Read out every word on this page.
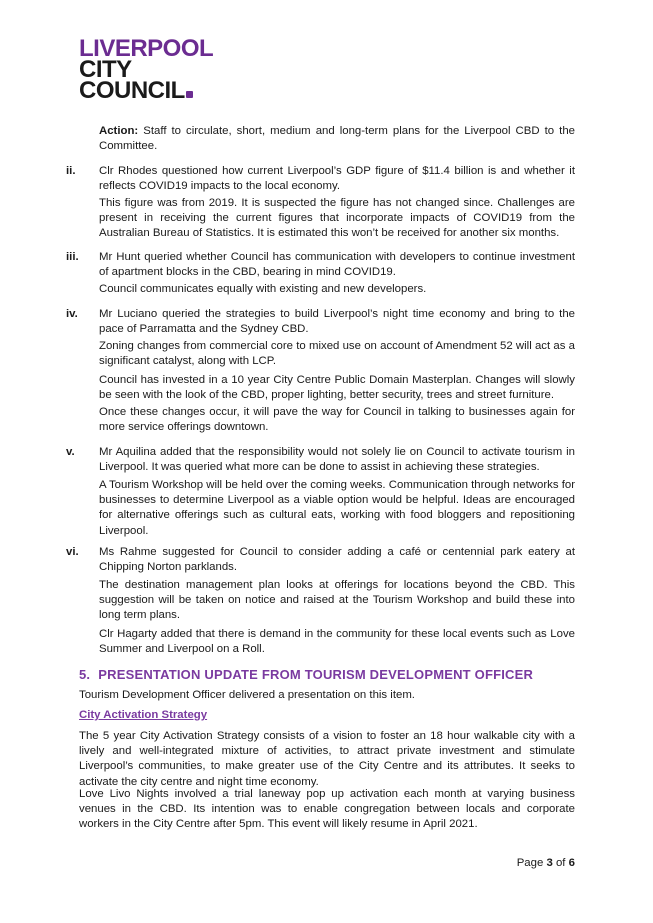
LIVERPOOL
CITY
COUNCIL

Action: Staff to circulate, short, medium and long-term plans for the Liverpool CBD to the Committee.

ii. Clr Rhodes questioned how current Liverpool’s GDP figure of $11.4 billion is and whether it reflects COVID19 impacts to the local economy.

This figure was from 2019. It is suspected the figure has not changed since. Challenges are present in receiving the current figures that incorporate impacts of COVID19 from the Australian Bureau of Statistics. It is estimated this won’t be received for another six months.

iii. Mr Hunt queried whether Council has communication with developers to continue investment of apartment blocks in the CBD, bearing in mind COVID19.

Council communicates equally with existing and new developers.

iv. Mr Luciano queried the strategies to build Liverpool’s night time economy and bring to the pace of Parramatta and the Sydney CBD.

Zoning changes from commercial core to mixed use on account of Amendment 52 will act as a significant catalyst, along with LCP.

Council has invested in a 10 year City Centre Public Domain Masterplan. Changes will slowly be seen with the look of the CBD, proper lighting, better security, trees and street furniture.

Once these changes occur, it will pave the way for Council in talking to businesses again for more service offerings downtown.

v. Mr Aquilina added that the responsibility would not solely lie on Council to activate tourism in Liverpool. It was queried what more can be done to assist in achieving these strategies.

A Tourism Workshop will be held over the coming weeks. Communication through networks for businesses to determine Liverpool as a viable option would be helpful. Ideas are encouraged for alternative offerings such as cultural eats, working with food bloggers and repositioning Liverpool.

vi. Ms Rahme suggested for Council to consider adding a café or centennial park eatery at Chipping Norton parklands.

The destination management plan looks at offerings for locations beyond the CBD. This suggestion will be taken on notice and raised at the Tourism Workshop and build these into long term plans.

Clr Hagarty added that there is demand in the community for these local events such as Love Summer and Liverpool on a Roll.

5. PRESENTATION UPDATE FROM TOURISM DEVELOPMENT OFFICER

Tourism Development Officer delivered a presentation on this item.

City Activation Strategy

The 5 year City Activation Strategy consists of a vision to foster an 18 hour walkable city with a lively and well-integrated mixture of activities, to attract private investment and stimulate Liverpool’s communities, to make greater use of the City Centre and its attributes. It seeks to activate the city centre and night time economy.

Love Livo Nights involved a trial laneway pop up activation each month at varying business venues in the CBD. Its intention was to enable congregation between locals and corporate workers in the City Centre after 5pm. This event will likely resume in April 2021.

Page 3 of 6
